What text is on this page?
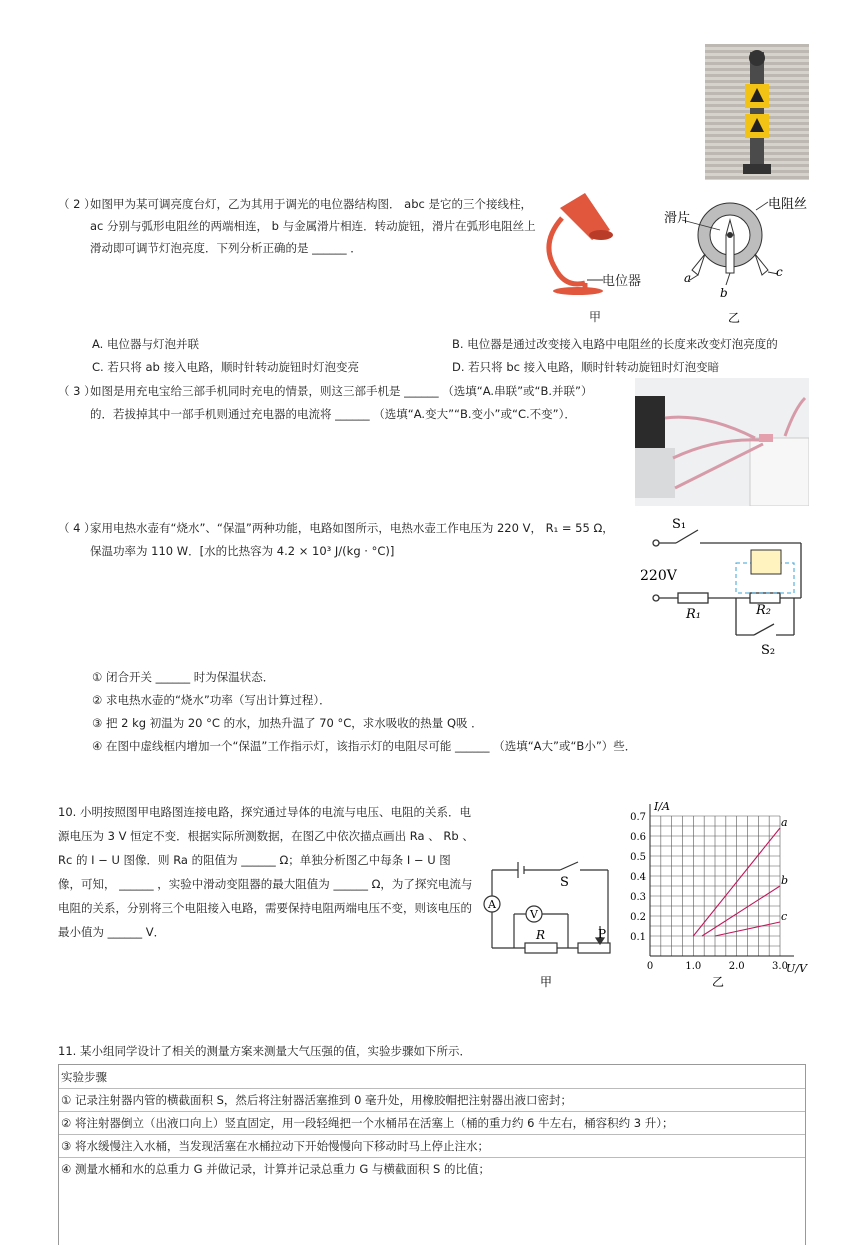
（ 2 ）
如图甲为某可调亮度台灯，乙为其用于调光的电位器结构图． abc 是它的三个接线柱，
ac 分别与弧形电阻丝的两端相连， b 与金属滑片相连．转动旋钮，滑片在弧形电阻丝上
滑动即可调节灯泡亮度．下列分析正确的是 ______ ．
电位器
甲
滑片
电阻丝
a
b
c
乙
A. 电位器与灯泡并联	B. 电位器是通过改变接入电路中电阻丝的长度来改变灯泡亮度的
C. 若只将 ab 接入电路，顺时针转动旋钮时灯泡变亮	D. 若只将 bc 接入电路，顺时针转动旋钮时灯泡变暗
（ 3 ）
如图是用充电宝给三部手机同时充电的情景，则这三部手机是 ______ （选填“A.串联”或“B.并联”）
的．若拔掉其中一部手机则通过充电器的电流将 ______ （选填“A.变大”“B.变小”或“C.不变”）．
（ 4 ）
家用电热水壶有“烧水”、“保温”两种功能，电路如图所示，电热水壶工作电压为 220 V， R₁ = 55 Ω，
保温功率为 110 W．[水的比热容为 4.2 × 10³ J/(kg · °C)]
S₁
220V
R₁	R₂
S₂
① 闭合开关 ______ 时为保温状态．
② 求电热水壶的“烧水”功率（写出计算过程）．
③ 把 2 kg 初温为 20 °C 的水，加热升温了 70 °C，求水吸收的热量 Q吸 ．
④ 在图中虚线框内增加一个“保温”工作指示灯，该指示灯的电阻尽可能 ______ （选填“A大”或“B小”）些．
10. 小明按照图甲电路图连接电路，探究通过导体的电流与电压、电阻的关系．电
源电压为 3 V 恒定不变．根据实际所测数据，在图乙中依次描点画出 Ra 、 Rb 、
Rc 的 I − U 图像．则 Ra 的阻值为 ______ Ω；单独分析图乙中每条 I − U 图
像，可知， ______ ，实验中滑动变阻器的最大阻值为 ______ Ω，为了探究电流与
电阻的关系，分别将三个电阻接入电路，需要保持电阻两端电压不变，则该电压的
最小值为 ______ V．
A
V
S
R	P
甲
0.1
0.2
0.3
0.4
0.5
0.6
0.7
0	1.0	2.0	3.0
a
b
c
I/A
U/V
乙
11. 某小组同学设计了相关的测量方案来测量大气压强的值，实验步骤如下所示．
实验步骤
① 记录注射器内管的横截面积 S，然后将注射器活塞推到 0 毫升处，用橡胶帽把注射器出液口密封；
② 将注射器倒立（出液口向上）竖直固定，用一段轻绳把一个水桶吊在活塞上（桶的重力约 6 牛左右，桶容积约 3 升）；
③ 将水缓慢注入水桶，当发现活塞在水桶拉动下开始慢慢向下移动时马上停止注水；
④ 测量水桶和水的总重力 G 并做记录，计算并记录总重力 G 与横截面积 S 的比值；
